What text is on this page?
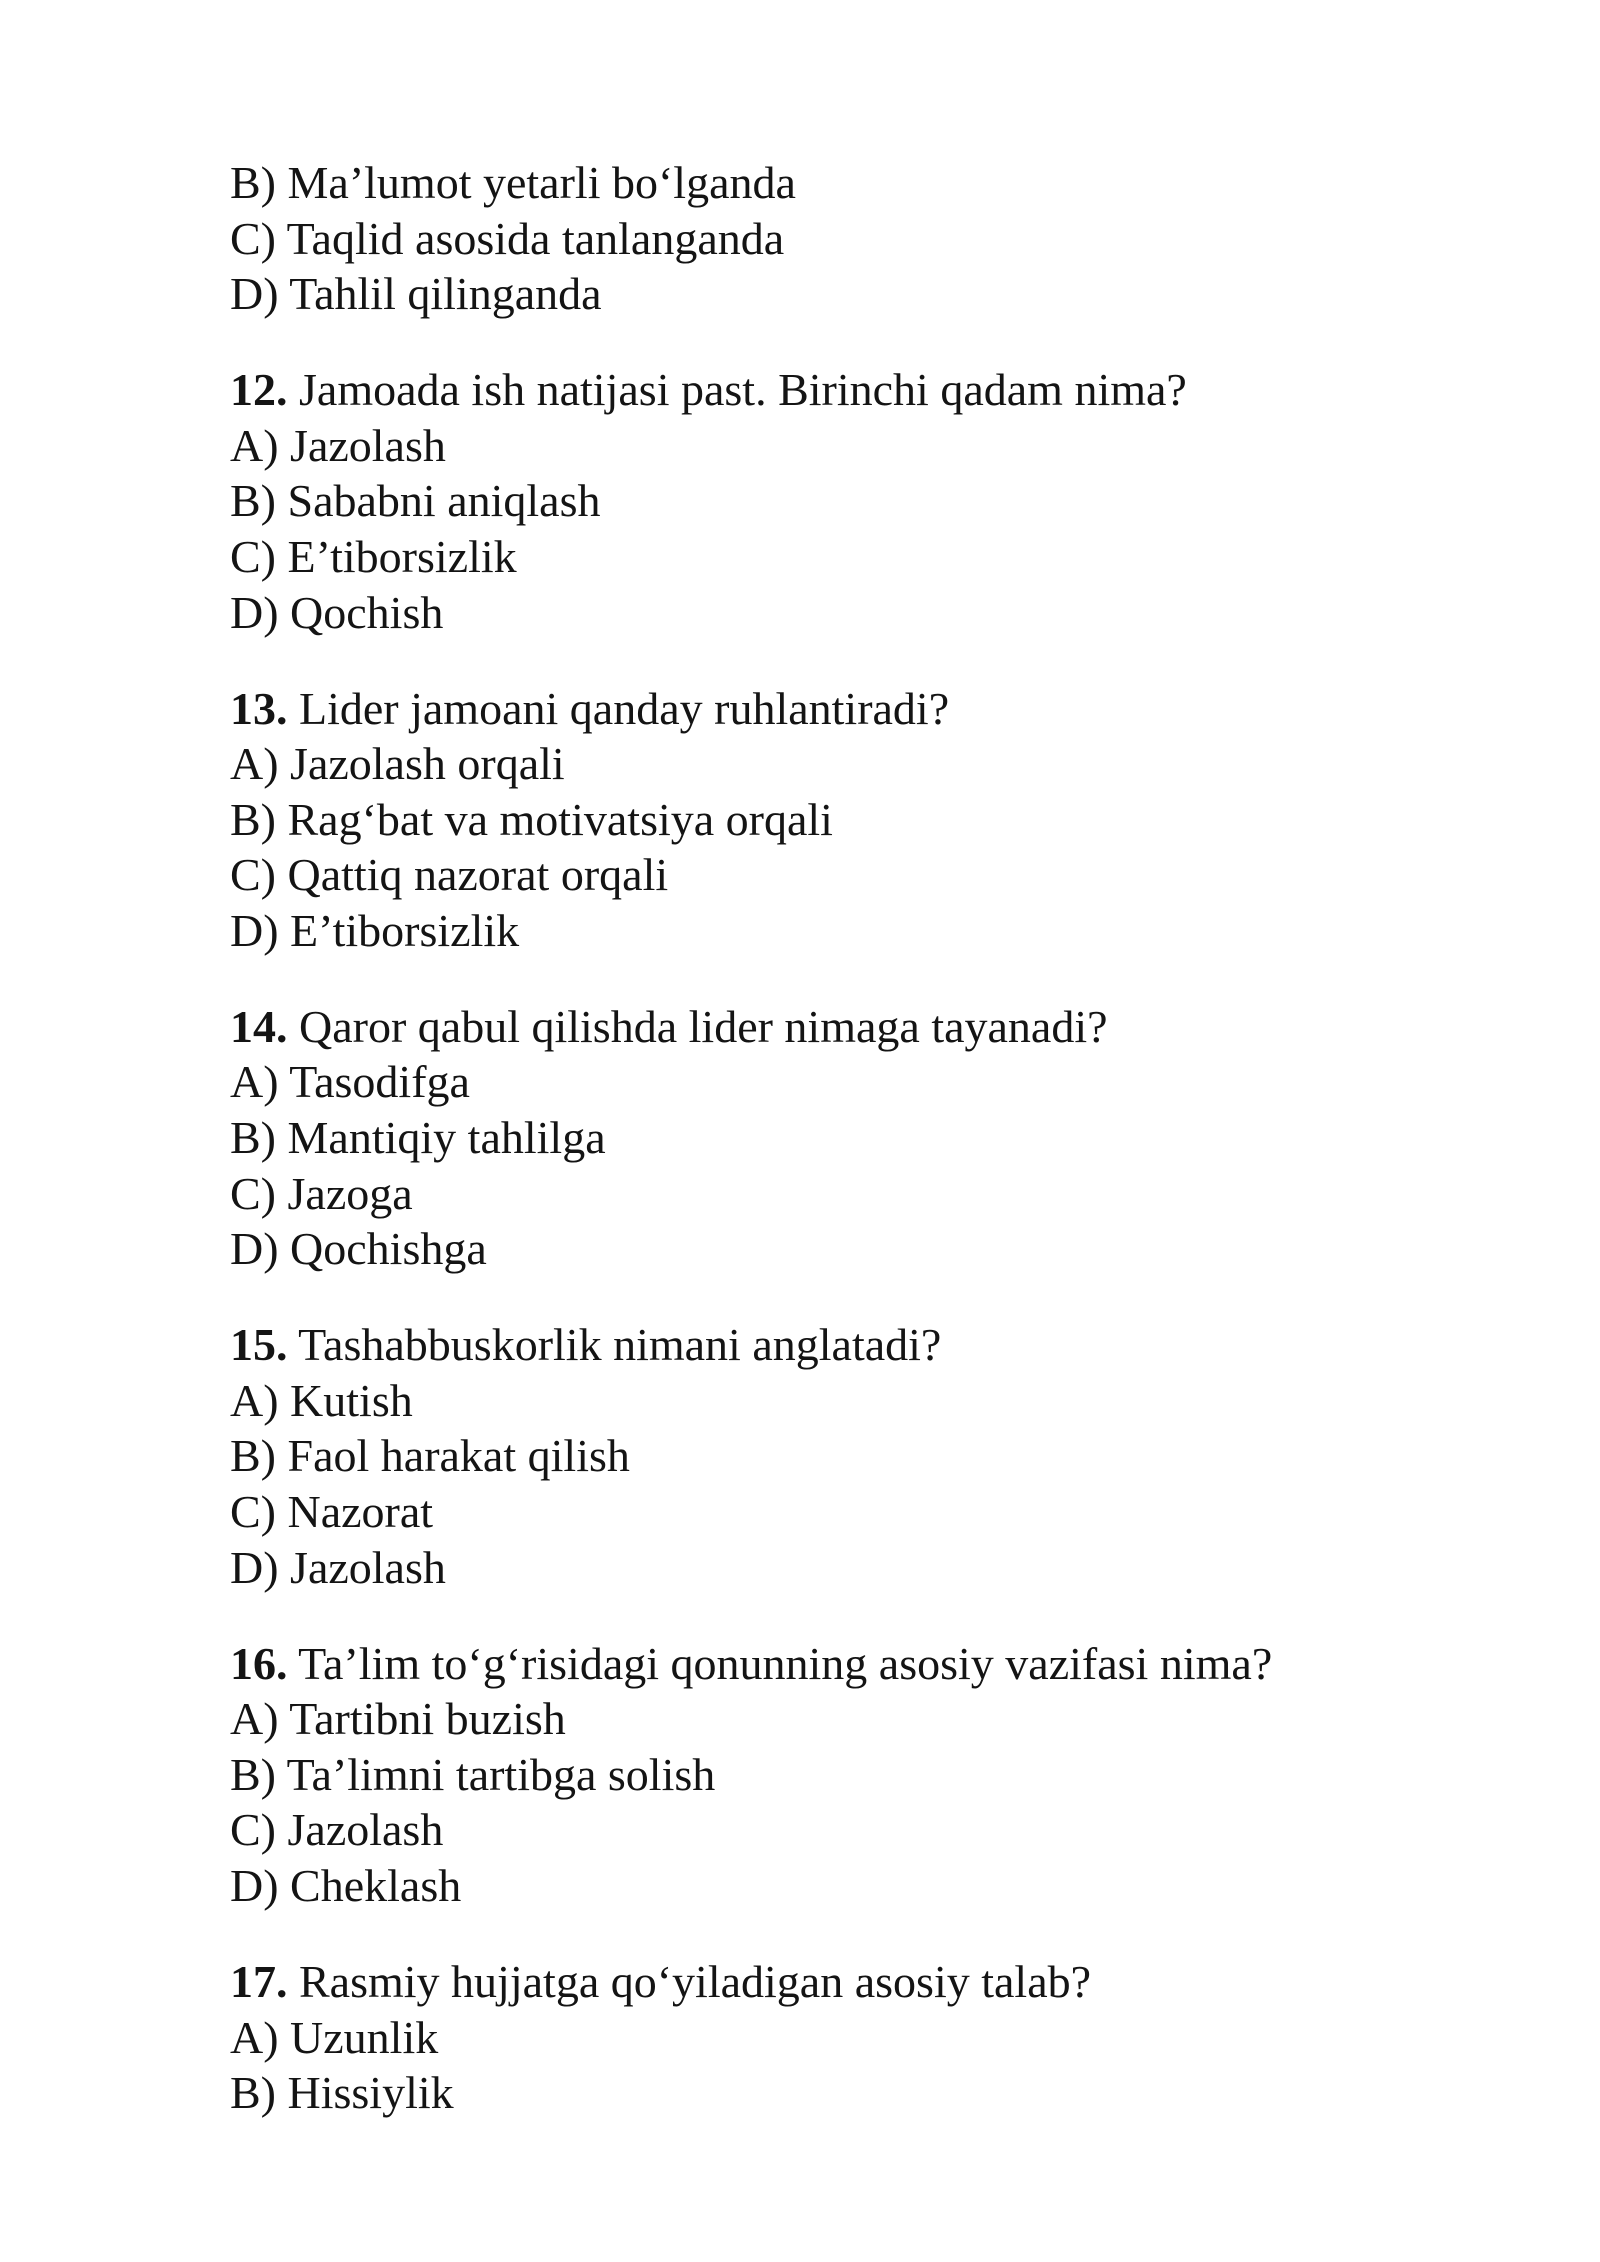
B) Ma’lumot yetarli bo‘lganda
C) Taqlid asosida tanlanganda
D) Tahlil qilinganda
12. Jamoada ish natijasi past. Birinchi qadam nima?
A) Jazolash
B) Sababni aniqlash
C) E’tiborsizlik
D) Qochish
13. Lider jamoani qanday ruhlantiradi?
A) Jazolash orqali
B) Rag‘bat va motivatsiya orqali
C) Qattiq nazorat orqali
D) E’tiborsizlik
14. Qaror qabul qilishda lider nimaga tayanadi?
A) Tasodifga
B) Mantiqiy tahlilga
C) Jazoga
D) Qochishga
15. Tashabbuskorlik nimani anglatadi?
A) Kutish
B) Faol harakat qilish
C) Nazorat
D) Jazolash
16. Ta’lim to‘g‘risidagi qonunning asosiy vazifasi nima?
A) Tartibni buzish
B) Ta’limni tartibga solish
C) Jazolash
D) Cheklash
17. Rasmiy hujjatga qo‘yiladigan asosiy talab?
A) Uzunlik
B) Hissiylik
